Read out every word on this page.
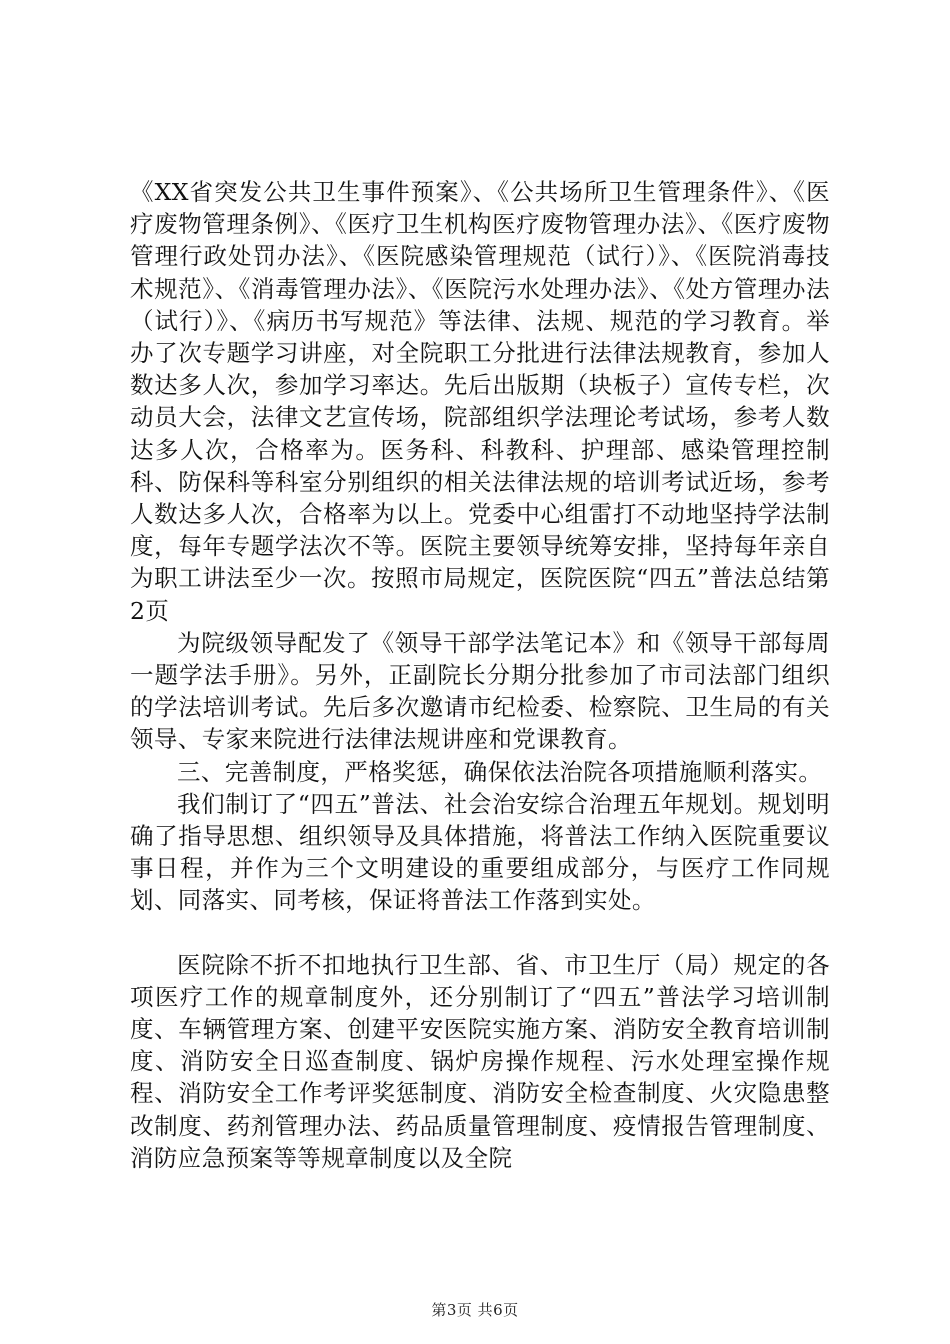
《XX省突发公共卫生事件预案》、《公共场所卫生管理条件》、《医疗废物管理条例》、《医疗卫生机构医疗废物管理办法》、《医疗废物管理行政处罚办法》、《医院感染管理规范（试行）》、《医院消毒技术规范》、《消毒管理办法》、《医院污水处理办法》、《处方管理办法（试行）》、《病历书写规范》等法律、法规、规范的学习教育。举办了次专题学习讲座，对全院职工分批进行法律法规教育，参加人数达多人次，参加学习率达。先后出版期（块板子）宣传专栏，次动员大会，法律文艺宣传场，院部组织学法理论考试场，参考人数达多人次，合格率为。医务科、科教科、护理部、感染管理控制科、防保科等科室分别组织的相关法律法规的培训考试近场，参考人数达多人次，合格率为以上。党委中心组雷打不动地坚持学法制度，每年专题学法次不等。医院主要领导统筹安排，坚持每年亲自为职工讲法至少一次。按照市局规定，医院医院“四五”普法总结第2页

为院级领导配发了《领导干部学法笔记本》和《领导干部每周一题学法手册》。另外，正副院长分期分批参加了市司法部门组织的学法培训考试。先后多次邀请市纪检委、检察院、卫生局的有关领导、专家来院进行法律法规讲座和党课教育。

三、完善制度，严格奖惩，确保依法治院各项措施顺利落实。

我们制订了“四五”普法、社会治安综合治理五年规划。规划明确了指导思想、组织领导及具体措施，将普法工作纳入医院重要议事日程，并作为三个文明建设的重要组成部分，与医疗工作同规划、同落实、同考核，保证将普法工作落到实处。

医院除不折不扣地执行卫生部、省、市卫生厅（局）规定的各项医疗工作的规章制度外，还分别制订了“四五”普法学习培训制度、车辆管理方案、创建平安医院实施方案、消防安全教育培训制度、消防安全日巡查制度、锅炉房操作规程、污水处理室操作规程、消防安全工作考评奖惩制度、消防安全检查制度、火灾隐患整改制度、药剂管理办法、药品质量管理制度、疫情报告管理制度、消防应急预案等等规章制度以及全院

第3页 共6页
